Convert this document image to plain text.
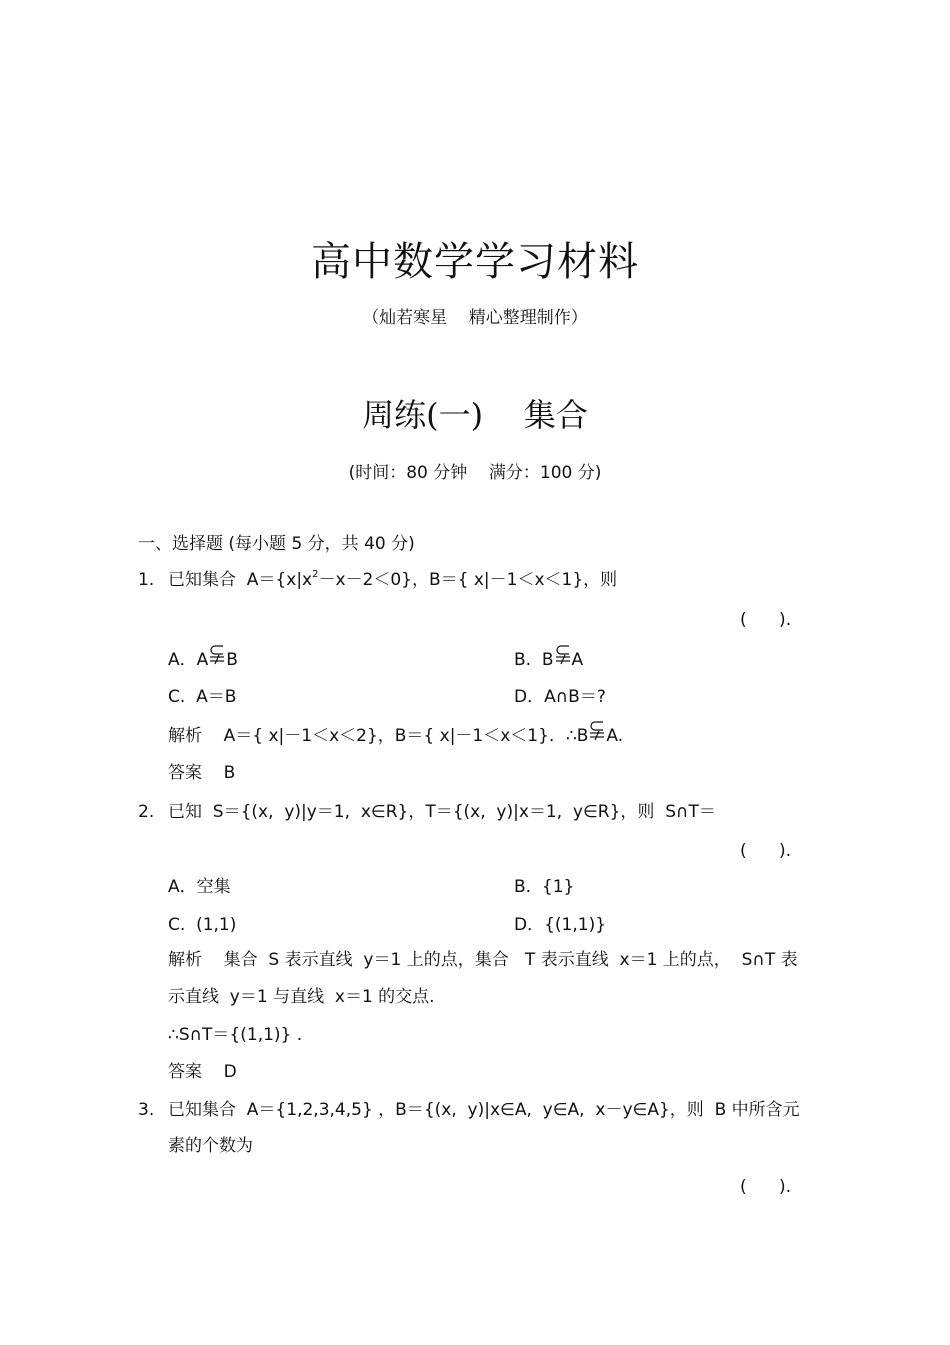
高中数学学习材料
（灿若寒星    精心整理制作）
周练(一)    集合
(时间：80 分钟    满分：100 分)
一、选择题 (每小题 5 分，共 40 分)
1. 已知集合  $A=\{x|x^2-x-2<0\}$，B＝{ x|－1＜x＜1}，则
(      ).
A．A B	B.  B A
C.  A＝B	D．A∩B＝?
解析    A＝{ x|－1＜x＜2}，B＝{ x|－1＜x＜1}．∴B A.
答案    B
2. 已知  S＝{(x,  y)|y＝1,  x∈R}，T＝{(x,  y)|x＝1,  y∈R}，则  S∩T＝
(      ).
A．空集	B.  {1}
C.  (1,1)	D．{(1,1)}
解析    集合  S 表示直线  y＝1 上的点，集合   T 表示直线  x＝1 上的点，  S∩T 表
示直线  y＝1 与直线  x＝1 的交点.
∴S∩T＝{(1,1)} .
答案    D
3. 已知集合  A＝{1,2,3,4,5} ，B＝{(x,  y)|x∈A,  y∈A,  x－y∈A}，则  B 中所含元
素的个数为
(      ).
